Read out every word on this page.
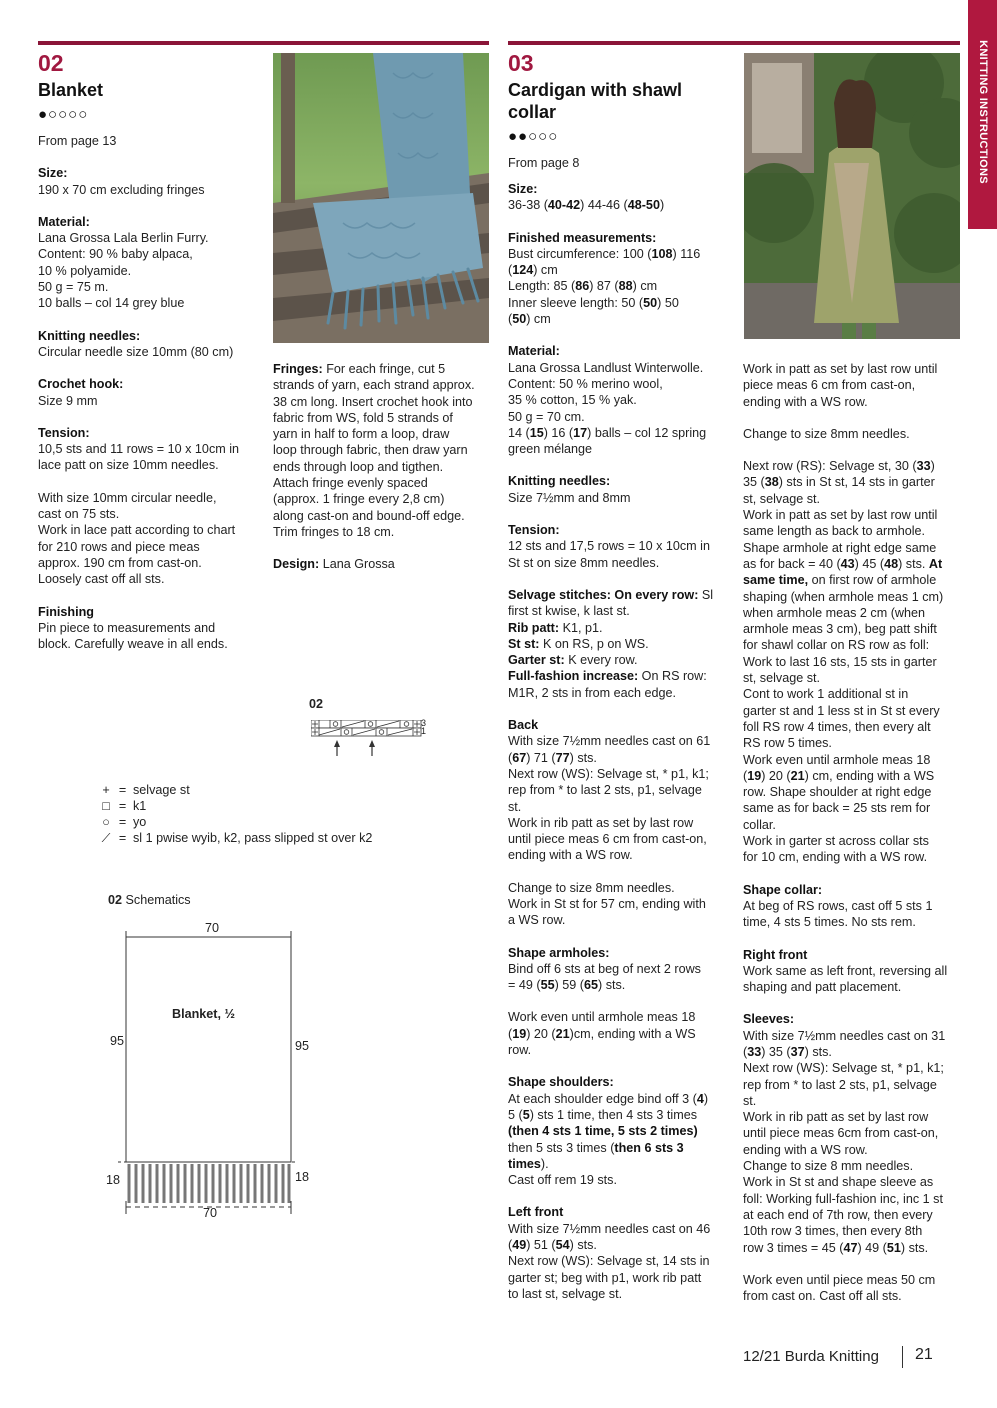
KNITTING INSTRUCTIONS
02
Blanket
●○○○○

From page 13

Size:
190 x 70 cm excluding fringes

Material:
Lana Grossa Lala Berlin Furry.
Content: 90 % baby alpaca,
10 % polyamide.
50 g = 75 m.
10 balls – col 14 grey blue

Knitting needles:
Circular needle size 10mm (80 cm)

Crochet hook:
Size 9 mm

Tension:
10,5 sts and 11 rows = 10 x 10cm in
lace patt on size 10mm needles.

With size 10mm circular needle,
cast on 75 sts.
Work in lace patt according to chart
for 210 rows and piece meas
approx. 190 cm from cast-on.
Loosely cast off all sts.

Finishing
Pin piece to measurements and
block. Carefully weave in all ends.

Fringes: For each fringe, cut 5
strands of yarn, each strand approx.
38 cm long. Insert crochet hook into
fabric from WS, fold 5 strands of
yarn in half to form a loop, draw
loop through fabric, then draw yarn
ends through loop and tigthen.
Attach fringe evenly spaced
(approx. 1 fringe every 2,8 cm)
along cast-on and bound-off edge.
Trim fringes to 18 cm.

Design: Lana Grossa

02
3
1
+ = selvage st
□ = k1
○ = yo
⟋ = sl 1 pwise wyib, k2, pass slipped st over k2
02 Schematics
70
70
95	95
18	18
Blanket, ½
03
Cardigan with shawl
collar
●●○○○
From page 8

Size:
36-38 (40-42) 44-46 (48-50)

Finished measurements:
Bust circumference: 100 (108) 116
(124) cm
Length: 85 (86) 87 (88) cm
Inner sleeve length: 50 (50) 50
(50) cm

Material:
Lana Grossa Landlust Winterwolle.
Content: 50 % merino wool,
35 % cotton, 15 % yak.
50 g = 70 cm.
14 (15) 16 (17) balls – col 12 spring
green mélange

Knitting needles:
Size 7½mm and 8mm

Tension:
12 sts and 17,5 rows = 10 x 10cm in
St st on size 8mm needles.

Selvage stitches: On every row: Sl
first st kwise, k last st.
Rib patt: K1, p1.
St st: K on RS, p on WS.
Garter st: K every row.
Full-fashion increase: On RS row:
M1R, 2 sts in from each edge.

Back
With size 7½mm needles cast on 61
(67) 71 (77) sts.
Next row (WS): Selvage st, * p1, k1;
rep from * to last 2 sts, p1, selvage
st.
Work in rib patt as set by last row
until piece meas 6 cm from cast-on,
ending with a WS row.

Change to size 8mm needles.
Work in St st for 57 cm, ending with
a WS row.

Shape armholes:
Bind off 6 sts at beg of next 2 rows
= 49 (55) 59 (65) sts.

Work even until armhole meas 18
(19) 20 (21)cm, ending with a WS
row.

Shape shoulders:
At each shoulder edge bind off 3 (4)
5 (5) sts 1 time, then 4 sts 3 times
(then 4 sts 1 time, 5 sts 2 times)
then 5 sts 3 times (then 6 sts 3
times).
Cast off rem 19 sts.

Left front
With size 7½mm needles cast on 46
(49) 51 (54) sts.
Next row (WS): Selvage st, 14 sts in
garter st; beg with p1, work rib patt
to last st, selvage st.

Work in patt as set by last row until
piece meas 6 cm from cast-on,
ending with a WS row.

Change to size 8mm needles.

Next row (RS): Selvage st, 30 (33)
35 (38) sts in St st, 14 sts in garter
st, selvage st.
Work in patt as set by last row until
same length as back to armhole.
Shape armhole at right edge same
as for back = 40 (43) 45 (48) sts. At
same time, on first row of armhole
shaping (when armhole meas 1 cm)
when armhole meas 2 cm (when
armhole meas 3 cm), beg patt shift
for shawl collar on RS row as foll:
Work to last 16 sts, 15 sts in garter
st, selvage st.
Cont to work 1 additional st in
garter st and 1 less st in St st every
foll RS row 4 times, then every alt
RS row 5 times.
Work even until armhole meas 18
(19) 20 (21) cm, ending with a WS
row. Shape shoulder at right edge
same as for back = 25 sts rem for
collar.
Work in garter st across collar sts
for 10 cm, ending with a WS row.

Shape collar:
At beg of RS rows, cast off 5 sts 1
time, 4 sts 5 times. No sts rem.

Right front
Work same as left front, reversing all
shaping and patt placement.

Sleeves:
With size 7½mm needles cast on 31
(33) 35 (37) sts.
Next row (WS): Selvage st, * p1, k1;
rep from * to last 2 sts, p1, selvage
st.
Work in rib patt as set by last row
until piece meas 6cm from cast-on,
ending with a WS row.
Change to size 8 mm needles.
Work in St st and shape sleeve as
foll: Working full-fashion inc, inc 1 st
at each end of 7th row, then every
10th row 3 times, then every 8th
row 3 times = 45 (47) 49 (51) sts.

Work even until piece meas 50 cm
from cast on. Cast off all sts.

12/21 Burda Knitting 21
